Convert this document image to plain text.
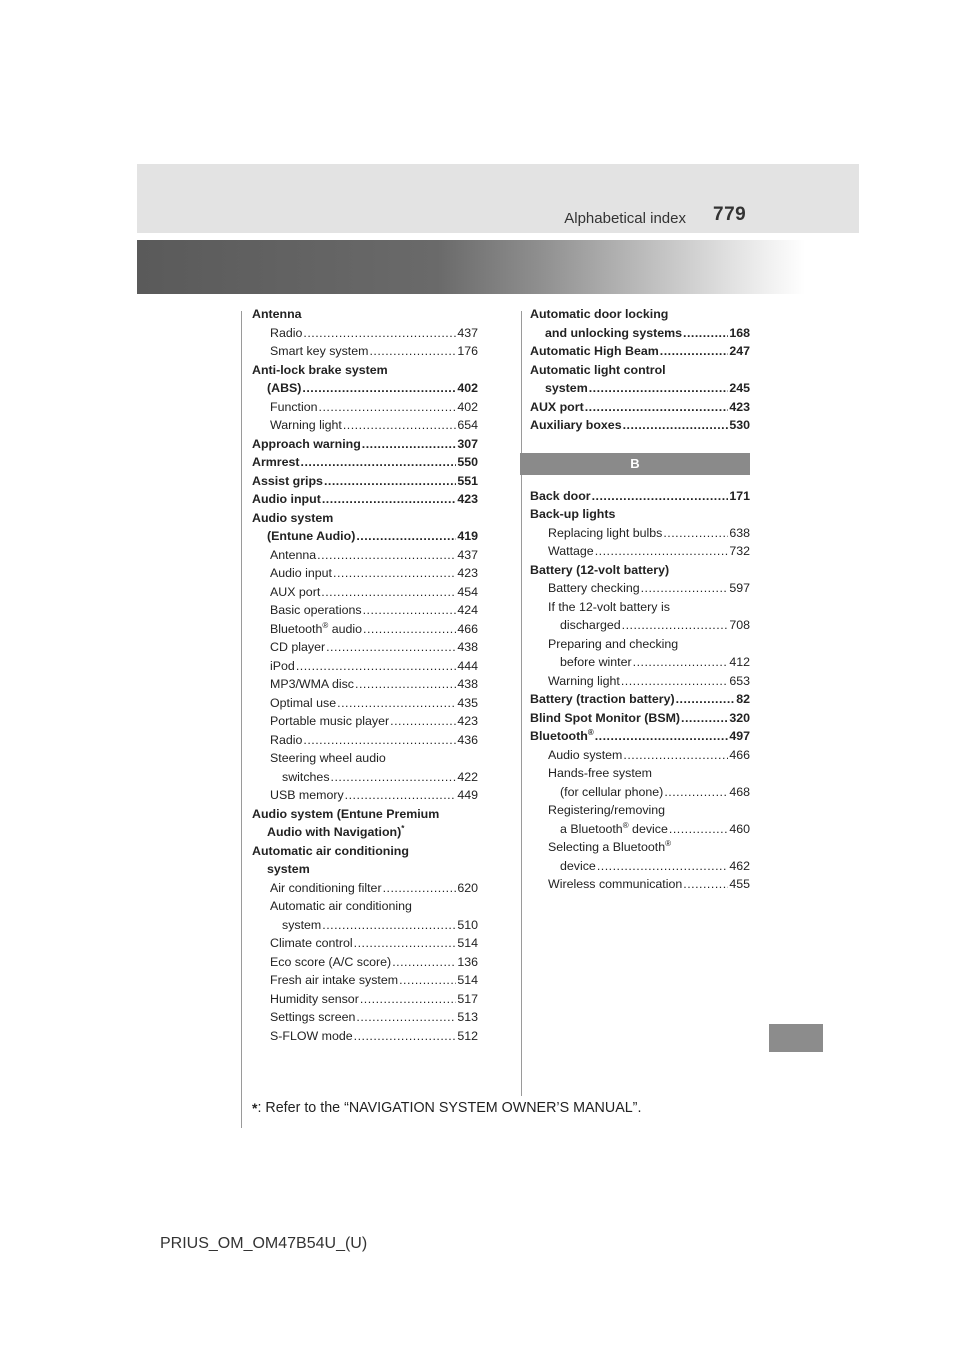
Alphabetical index 779
Antenna
Radio .....	437
Smart key system .....	176
Anti-lock brake system
(ABS) .....	402
Function .....	402
Warning light .....	654
Approach warning .....	307
Armrest .....	550
Assist grips .....	551
Audio input .....	423
Audio system
(Entune Audio) .....	419
Antenna .....	437
Audio input .....	423
AUX port .....	454
Basic operations .....	424
Bluetooth® audio .....	466
CD player .....	438
iPod .....	444
MP3/WMA disc .....	438
Optimal use .....	435
Portable music player .....	423
Radio .....	436
Steering wheel audio
switches .....	422
USB memory .....	449
Audio system (Entune Premium
Audio with Navigation)*
Automatic air conditioning
system
Air conditioning filter .....	620
Automatic air conditioning
system .....	510
Climate control .....	514
Eco score (A/C score) .....	136
Fresh air intake system .....	514
Humidity sensor .....	517
Settings screen .....	513
S-FLOW mode .....	512
Automatic door locking
and unlocking systems .....	168
Automatic High Beam .....	247
Automatic light control
system .....	245
AUX port .....	423
Auxiliary boxes .....	530
B
Back door .....	171
Back-up lights
Replacing light bulbs .....	638
Wattage .....	732
Battery (12-volt battery)
Battery checking .....	597
If the 12-volt battery is
discharged .....	708
Preparing and checking
before winter .....	412
Warning light .....	653
Battery (traction battery) .....	82
Blind Spot Monitor (BSM) .....	320
Bluetooth® .....	497
Audio system .....	466
Hands-free system
(for cellular phone) .....	468
Registering/removing
a Bluetooth® device .....	460
Selecting a Bluetooth®
device .....	462
Wireless communication .....	455
*: Refer to the “NAVIGATION SYSTEM OWNER’S MANUAL”.
PRIUS_OM_OM47B54U_(U)
